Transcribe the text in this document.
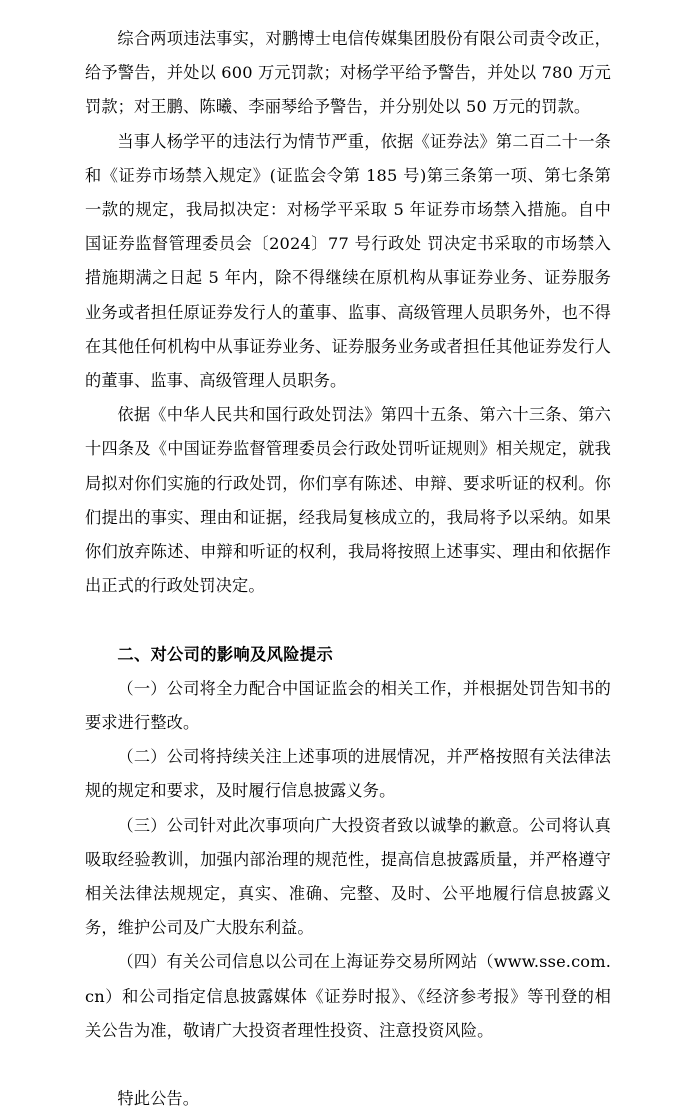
综合两项违法事实，对鹏博士电信传媒集团股份有限公司责令改正，给予警告，并处以 600 万元罚款；对杨学平给予警告，并处以 780 万元罚款；对王鹏、陈曦、李丽琴给予警告，并分别处以 50 万元的罚款。

当事人杨学平的违法行为情节严重，依据《证券法》第二百二十一条和《证券市场禁入规定》(证监会令第 185 号)第三条第一项、第七条第一款的规定，我局拟决定：对杨学平采取 5 年证券市场禁入措施。自中国证券监督管理委员会〔2024〕77 号行政处 罚决定书采取的市场禁入措施期满之日起 5 年内，除不得继续在原机构从事证券业务、证券服务业务或者担任原证券发行人的董事、监事、高级管理人员职务外，也不得在其他任何机构中从事证券业务、证券服务业务或者担任其他证券发行人的董事、监事、高级管理人员职务。

依据《中华人民共和国行政处罚法》第四十五条、第六十三条、第六十四条及《中国证券监督管理委员会行政处罚听证规则》相关规定，就我局拟对你们实施的行政处罚，你们享有陈述、申辩、要求听证的权利。你们提出的事实、理由和证据，经我局复核成立的，我局将予以采纳。如果你们放弃陈述、申辩和听证的权利，我局将按照上述事实、理由和依据作出正式的行政处罚决定。

二、对公司的影响及风险提示

（一）公司将全力配合中国证监会的相关工作，并根据处罚告知书的要求进行整改。

（二）公司将持续关注上述事项的进展情况，并严格按照有关法律法规的规定和要求，及时履行信息披露义务。

（三）公司针对此次事项向广大投资者致以诚挚的歉意。公司将认真吸取经验教训，加强内部治理的规范性，提高信息披露质量，并严格遵守相关法律法规规定，真实、准确、完整、及时、公平地履行信息披露义务，维护公司及广大股东利益。

（四）有关公司信息以公司在上海证券交易所网站（www.sse.com.cn）和公司指定信息披露媒体《证券时报》、《经济参考报》等刊登的相关公告为准，敬请广大投资者理性投资、注意投资风险。

特此公告。
